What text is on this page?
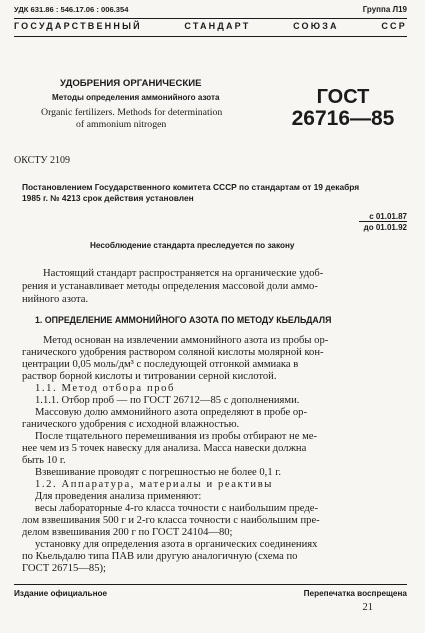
УДК 631.86 : 546.17.06 : 006.354	Группа Л19
ГОСУДАРСТВЕННЫЙ	СТАНДАРТ	СОЮЗА	ССР
УДОБРЕНИЯ ОРГАНИЧЕСКИЕ
Методы определения аммонийного азота
Organic fertilizers. Methods for determination
of ammonium nitrogen
ГОСТ
26716—85
ОКСТУ 2109
Постановлением Государственного комитета СССР по стандартам от 19 декабря
1985 г. № 4213 срок действия установлен
с 01.01.87
до 01.01.92
Несоблюдение стандарта преследуется по закону
Настоящий стандарт распространяется на органические удоб-
рения и устанавливает методы определения массовой доли аммо-
нийного азота.
1. ОПРЕДЕЛЕНИЕ АММОНИЙНОГО АЗОТА ПО МЕТОДУ КЬЕЛЬДАЛЯ
Метод основан на извлечении аммонийного азота из пробы ор-
ганического удобрения раствором соляной кислоты молярной кон-
центрации 0,05 моль/дм³ с последующей отгонкой аммиака в
раствор борной кислоты и титровании серной кислотой.
1.1. Метод отбора проб
1.1.1. Отбор проб — по ГОСТ 26712—85 с дополнениями.
Массовую долю аммонийного азота определяют в пробе ор-
ганического удобрения с исходной влажностью.
После тщательного перемешивания из пробы отбирают не ме-
нее чем из 5 точек навеску для анализа. Масса навески должна
быть 10 г.
Взвешивание проводят с погрешностью не более 0,1 г.
1.2. Аппаратура, материалы и реактивы
Для проведения анализа применяют:
весы лабораторные 4-го класса точности с наибольшим преде-
лом взвешивания 500 г и 2-го класса точности с наибольшим пре-
делом взвешивания 200 г по ГОСТ 24104—80;
установку для определения азота в органических соединениях
по Кьельдалю типа ПАВ или другую аналогичную (схема по
ГОСТ 26715—85);
Издание официальное	Перепечатка воспрещена
21
